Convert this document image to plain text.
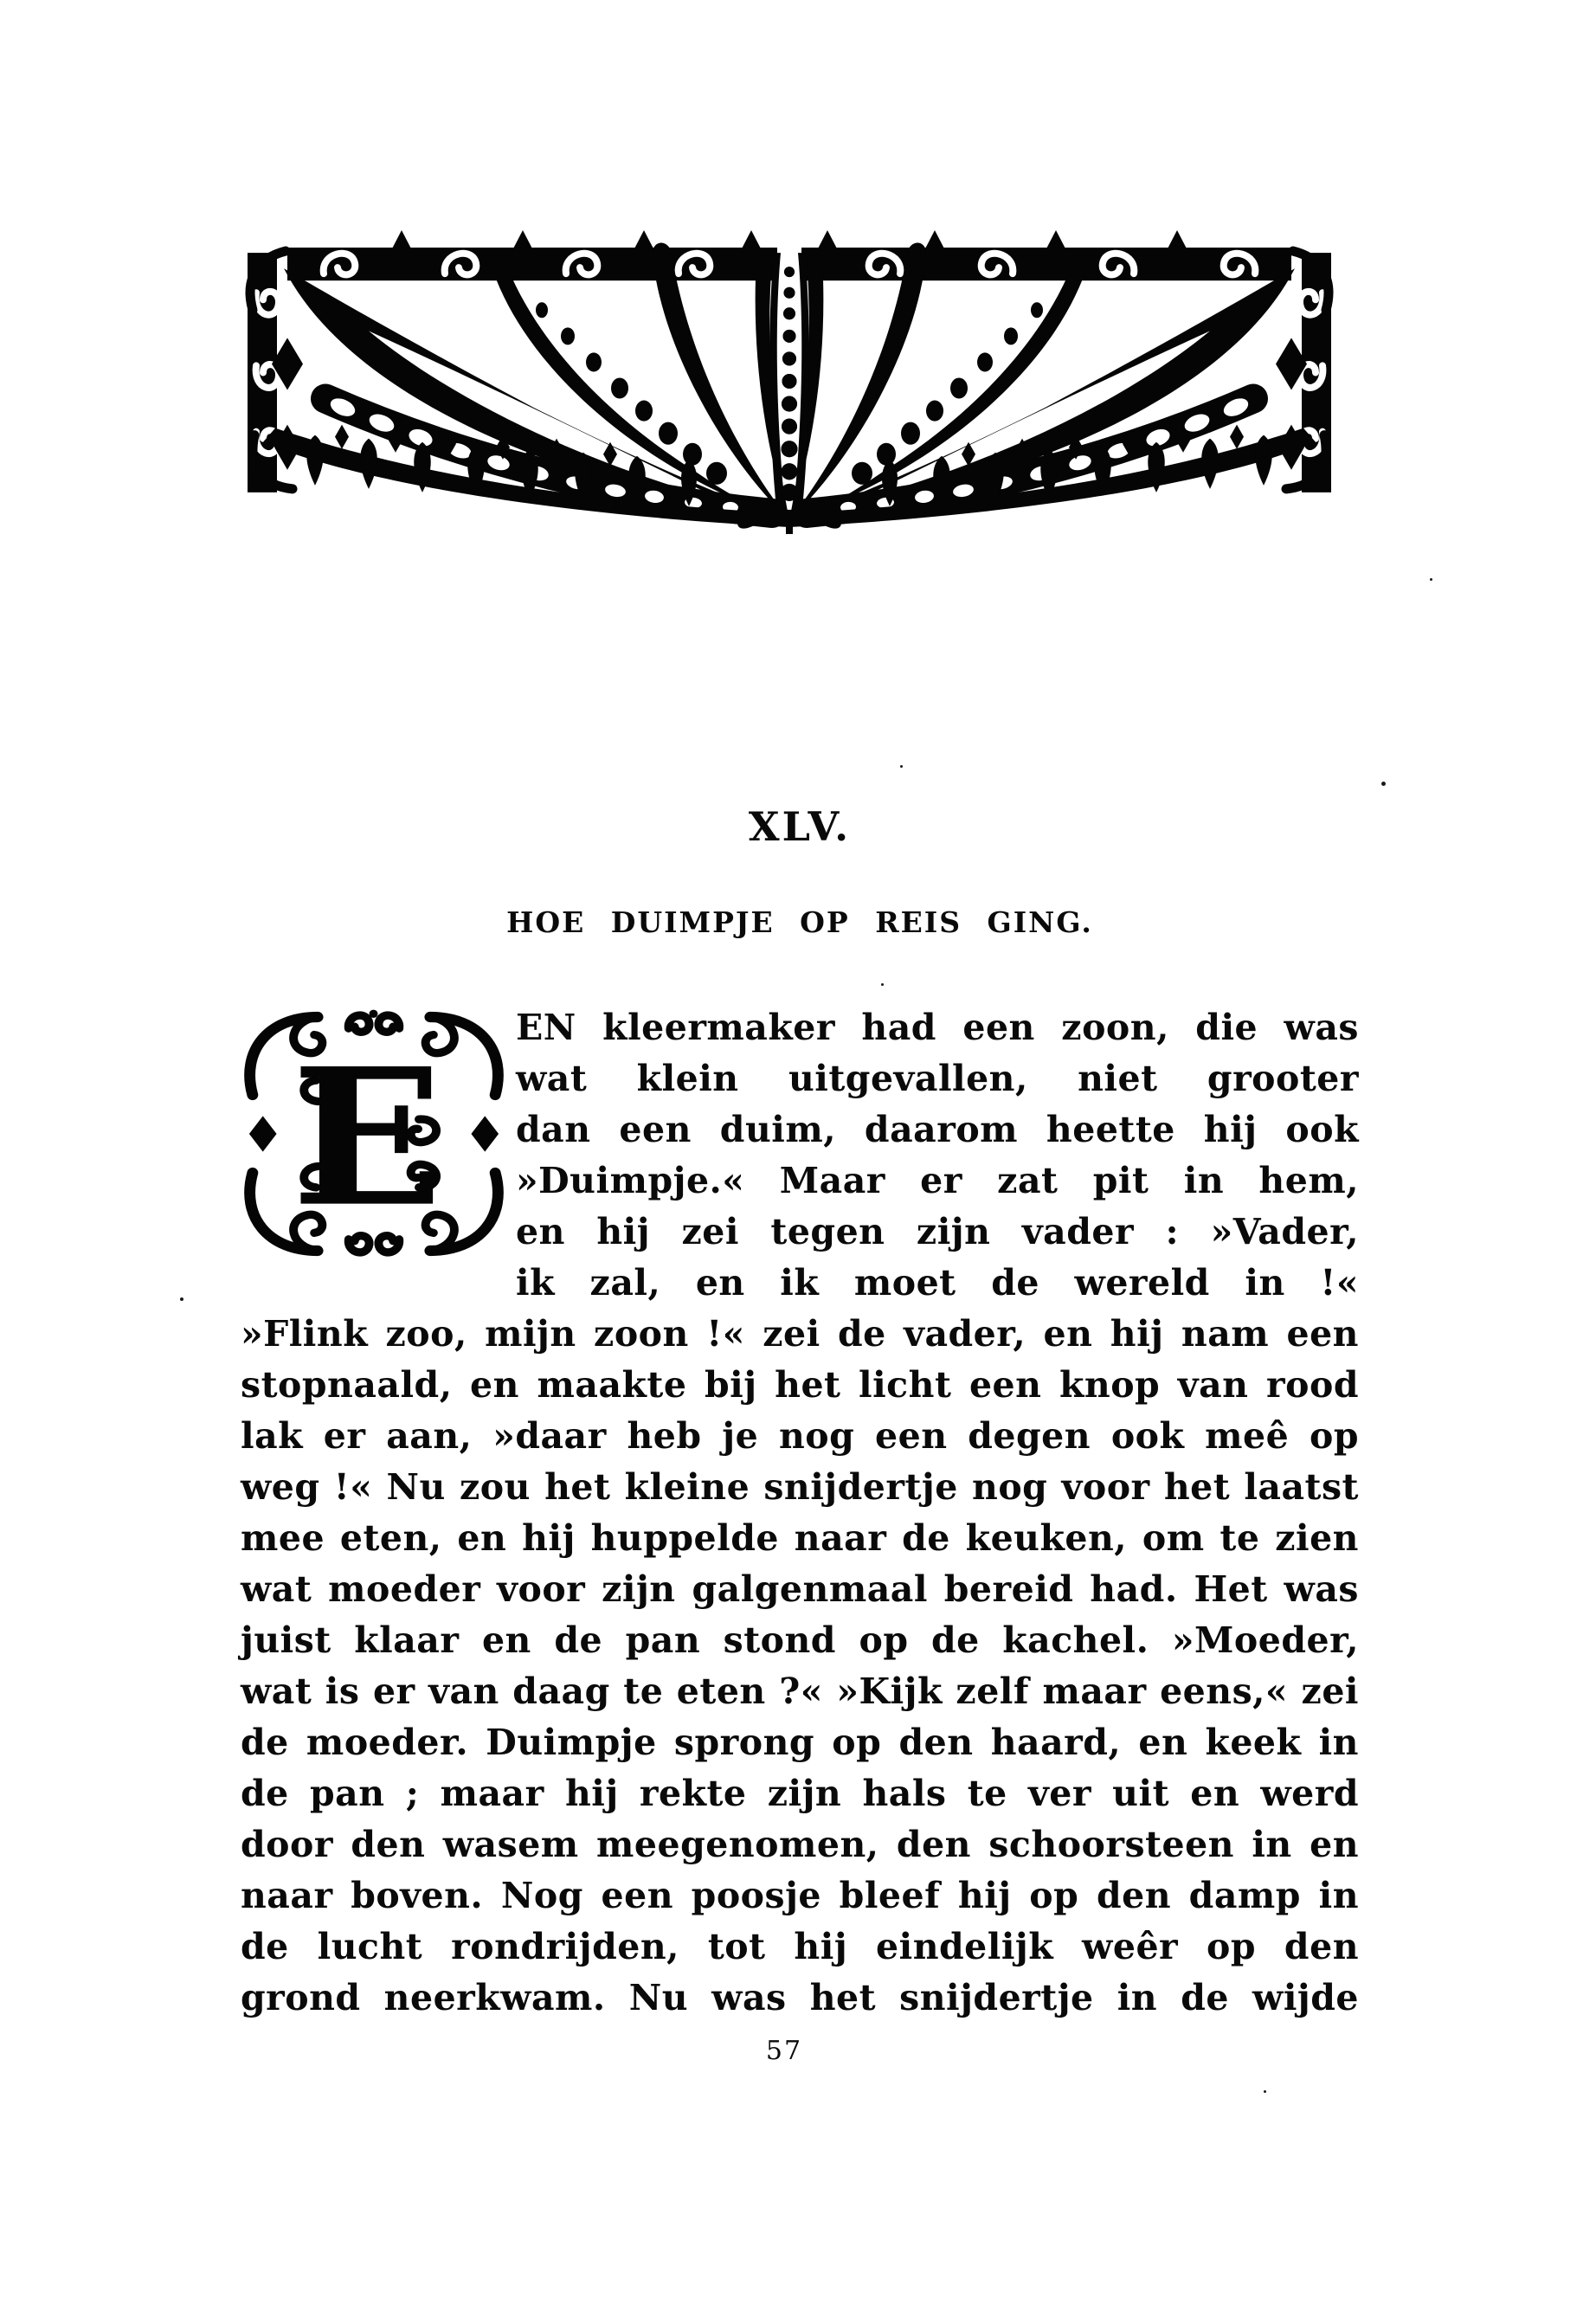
XLV.
HOE DUIMPJE OP REIS GING.
E	EN kleermaker had een zoon, die was
wat klein uitgevallen, niet grooter
dan een duim, daarom heette hij ook
»Duimpje.« Maar er zat pit in hem,
en hij zei tegen zijn vader : »Vader,
ik zal, en ik moet de wereld in !«
»Flink zoo, mijn zoon !« zei de vader, en hij nam een
stopnaald, en maakte bij het licht een knop van rood
lak er aan, »daar heb je nog een degen ook meê op
weg !« Nu zou het kleine snijdertje nog voor het laatst
mee eten, en hij huppelde naar de keuken, om te zien
wat moeder voor zijn galgenmaal bereid had. Het was
juist klaar en de pan stond op de kachel. »Moeder,
wat is er van daag te eten ?« »Kijk zelf maar eens,« zei
de moeder. Duimpje sprong op den haard, en keek in
de pan ; maar hij rekte zijn hals te ver uit en werd
door den wasem meegenomen, den schoorsteen in en
naar boven. Nog een poosje bleef hij op den damp in
de lucht rondrijden, tot hij eindelijk weêr op den
grond neerkwam. Nu was het snijdertje in de wijde
57
